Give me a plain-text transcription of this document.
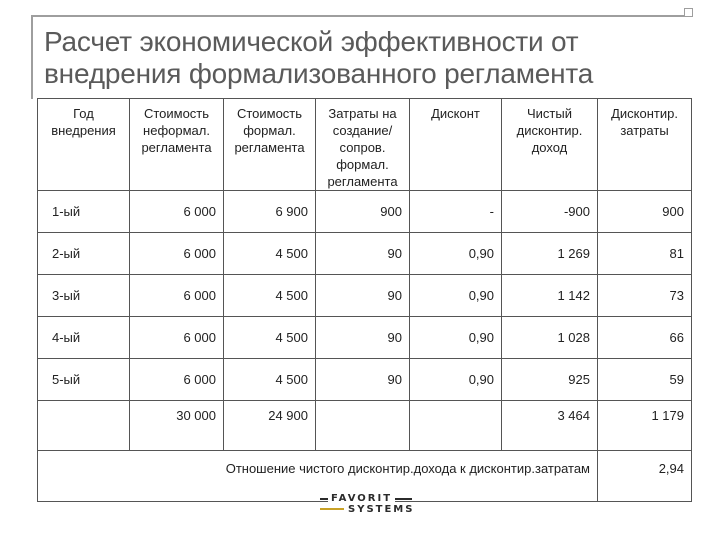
Расчет экономической эффективности от
внедрения формализованного регламента
Год внедрения	Стоимость неформал. регламента	Стоимость формал. регламента	Затраты на создание/ сопров. формал. регламента	Дисконт	Чистый дисконтир. доход	Дисконтир. затраты
1-ый	6 000	6 900	900	-	-900	900
2-ый	6 000	4 500	90	0,90	1 269	81
3-ый	6 000	4 500	90	0,90	1 142	73
4-ый	6 000	4 500	90	0,90	1 028	66
5-ый	6 000	4 500	90	0,90	925	59
	30 000	24 900			3 464	1 179
Отношение чистого дисконтир.дохода к дисконтир.затратам						2,94
FAVORIT
SYSTEMS
